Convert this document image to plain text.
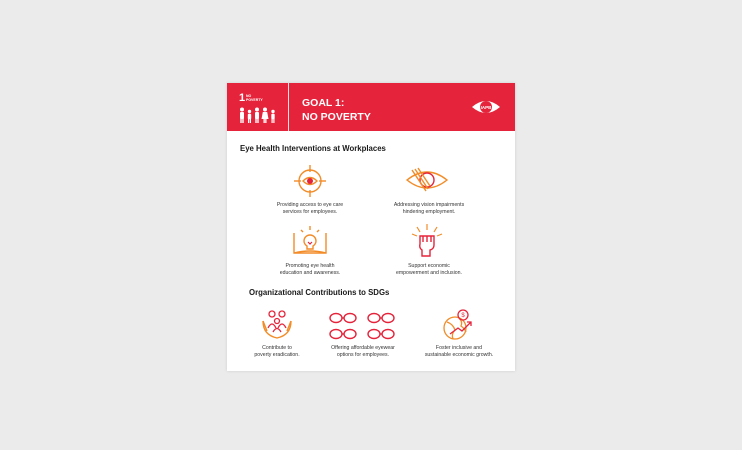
1 NO
POVERTY	GOAL 1:
NO POVERTY
IAPB
Eye Health Interventions at Workplaces
Providing access to eye care
services for employees.
Addressing vision impairments
hindering employment.
Promoting eye health
education and awareness.
Support economic
empowerment and inclusion.
Organizational Contributions to SDGs
Contribute to
poverty eradication.
Offering affordable eyewear
options for employees.
$
Foster inclusive and
sustainable economic growth.
